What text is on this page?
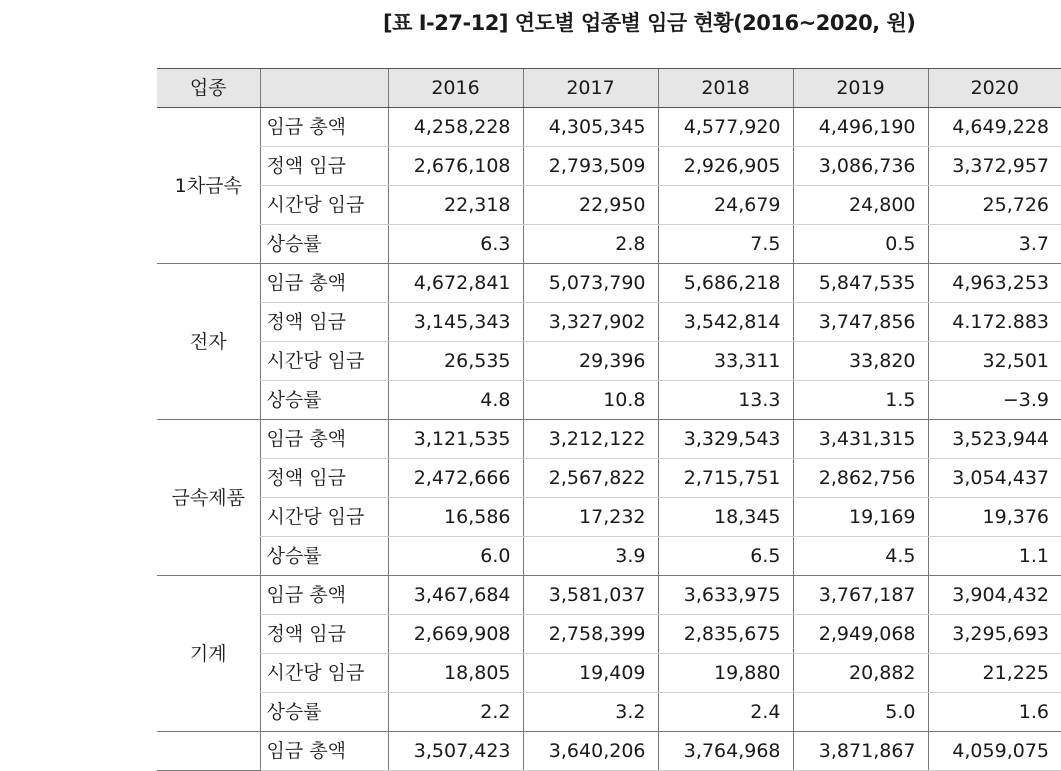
[표 Ⅰ-27-12] 연도별 업종별 임금 현황(2016~2020, 원)
업종		2016	2017	2018	2019	2020
1차금속	임금 총액	4,258,228	4,305,345	4,577,920	4,496,190	4,649,228
	정액 임금	2,676,108	2,793,509	2,926,905	3,086,736	3,372,957
	시간당 임금	22,318	22,950	24,679	24,800	25,726
	상승률	6.3	2.8	7.5	0.5	3.7
전자	임금 총액	4,672,841	5,073,790	5,686,218	5,847,535	4,963,253
	정액 임금	3,145,343	3,327,902	3,542,814	3,747,856	4.172.883
	시간당 임금	26,535	29,396	33,311	33,820	32,501
	상승률	4.8	10.8	13.3	1.5	−3.9
금속제품	임금 총액	3,121,535	3,212,122	3,329,543	3,431,315	3,523,944
	정액 임금	2,472,666	2,567,822	2,715,751	2,862,756	3,054,437
	시간당 임금	16,586	17,232	18,345	19,169	19,376
	상승률	6.0	3.9	6.5	4.5	1.1
기계	임금 총액	3,467,684	3,581,037	3,633,975	3,767,187	3,904,432
	정액 임금	2,669,908	2,758,399	2,835,675	2,949,068	3,295,693
	시간당 임금	18,805	19,409	19,880	20,882	21,225
	상승률	2.2	3.2	2.4	5.0	1.6
	임금 총액	3,507,423	3,640,206	3,764,968	3,871,867	4,059,075
